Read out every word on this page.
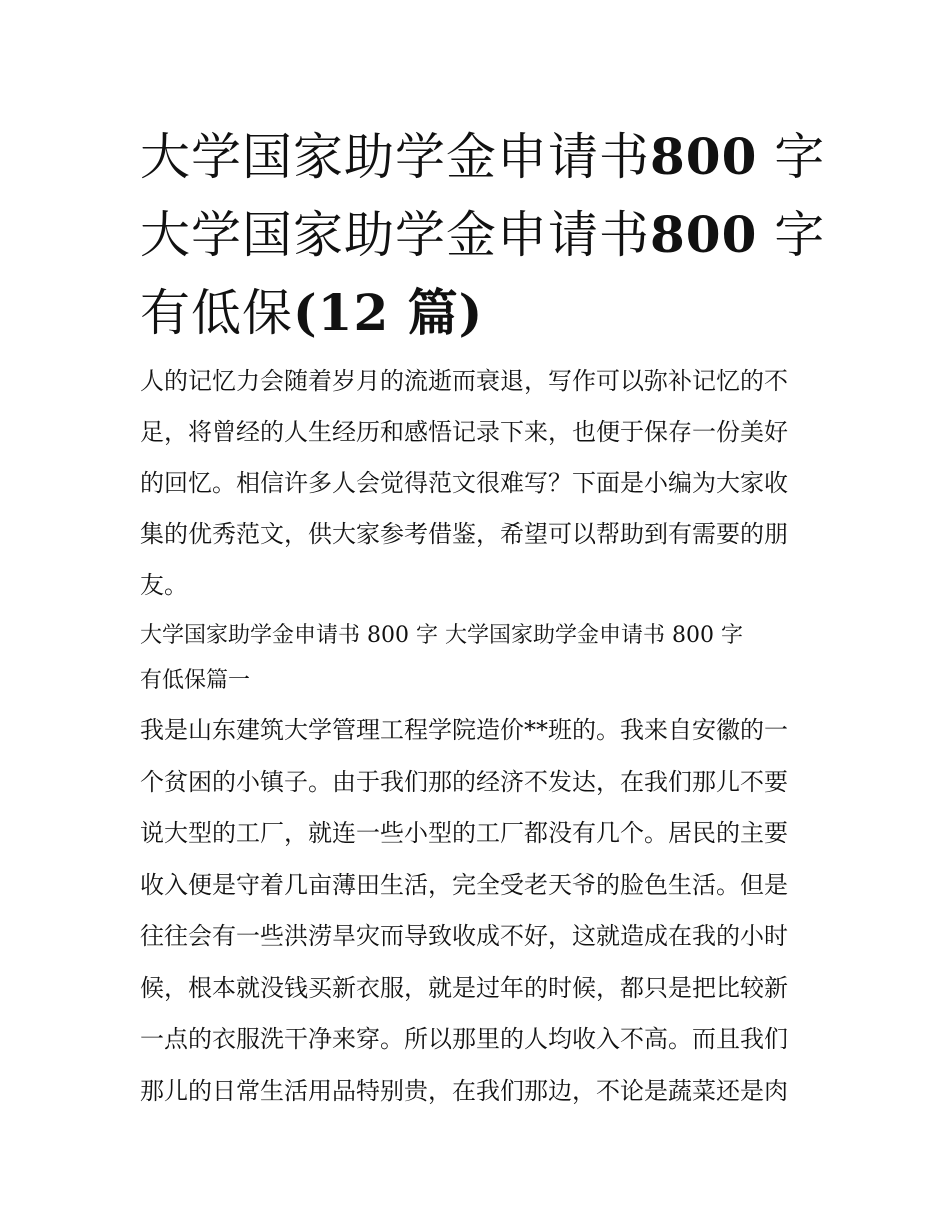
大学国家助学金申请书800 字
大学国家助学金申请书800 字
有低保(12 篇)

人的记忆力会随着岁月的流逝而衰退，写作可以弥补记忆的不
足，将曾经的人生经历和感悟记录下来，也便于保存一份美好
的回忆。相信许多人会觉得范文很难写？下面是小编为大家收
集的优秀范文，供大家参考借鉴，希望可以帮助到有需要的朋
友。

大学国家助学金申请书 800 字 大学国家助学金申请书 800 字
有低保篇一

我是山东建筑大学管理工程学院造价**班的。我来自安徽的一
个贫困的小镇子。由于我们那的经济不发达，在我们那儿不要
说大型的工厂，就连一些小型的工厂都没有几个。居民的主要
收入便是守着几亩薄田生活，完全受老天爷的脸色生活。但是
往往会有一些洪涝旱灾而导致收成不好，这就造成在我的小时
候，根本就没钱买新衣服，就是过年的时候，都只是把比较新
一点的衣服洗干净来穿。所以那里的人均收入不高。而且我们
那儿的日常生活用品特别贵，在我们那边，不论是蔬菜还是肉
